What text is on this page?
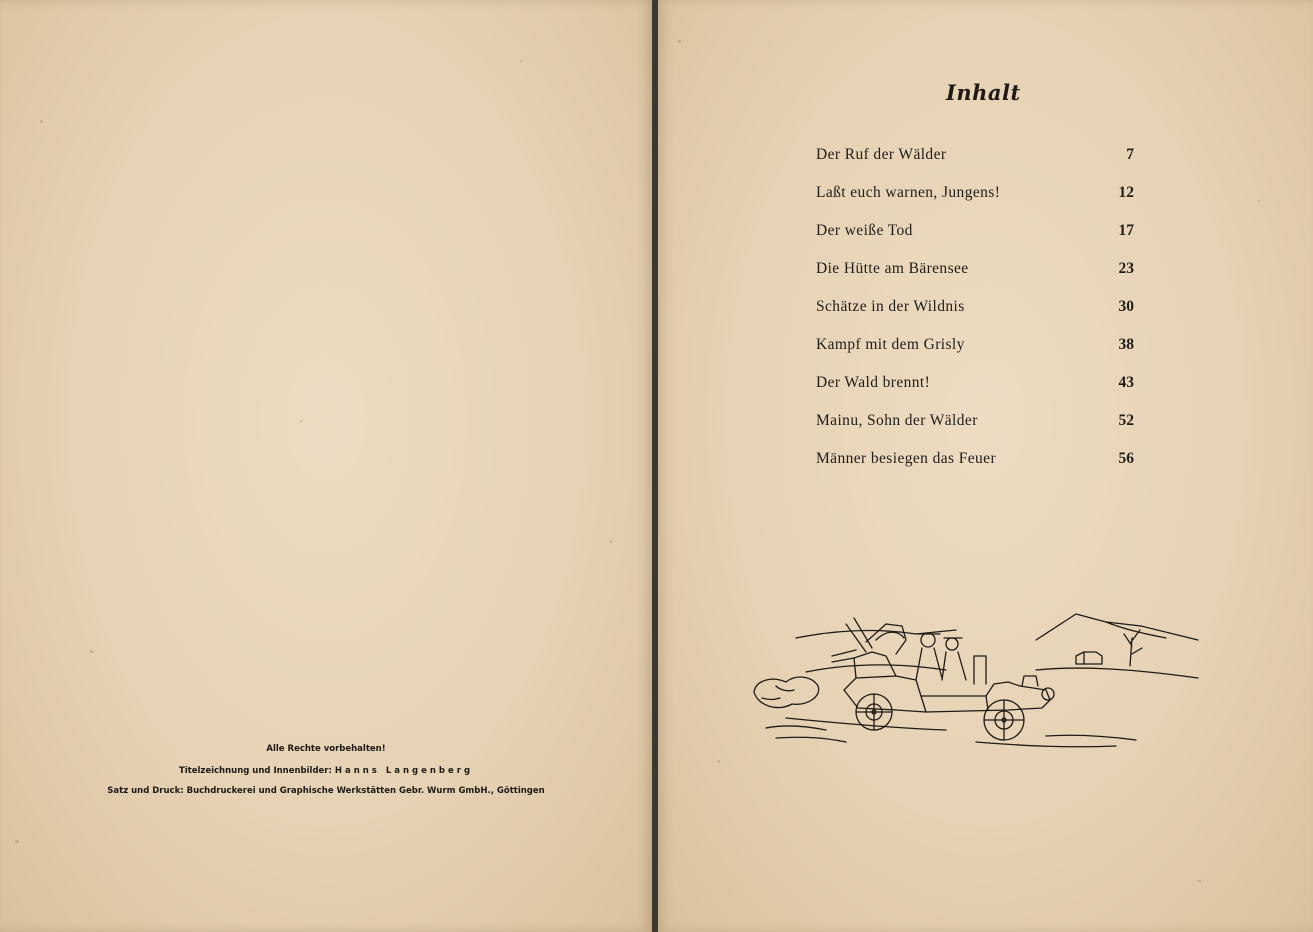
Alle Rechte vorbehalten!
Titelzeichnung und Innenbilder: Hanns Langenberg
Satz und Druck: Buchdruckerei und Graphische Werkstätten Gebr. Wurm GmbH., Göttingen
Inhalt
Der Ruf der Wälder	7
Laßt euch warnen, Jungens!	12
Der weiße Tod	17
Die Hütte am Bärensee	23
Schätze in der Wildnis	30
Kampf mit dem Grisly	38
Der Wald brennt!	43
Mainu, Sohn der Wälder	52
Männer besiegen das Feuer	56
